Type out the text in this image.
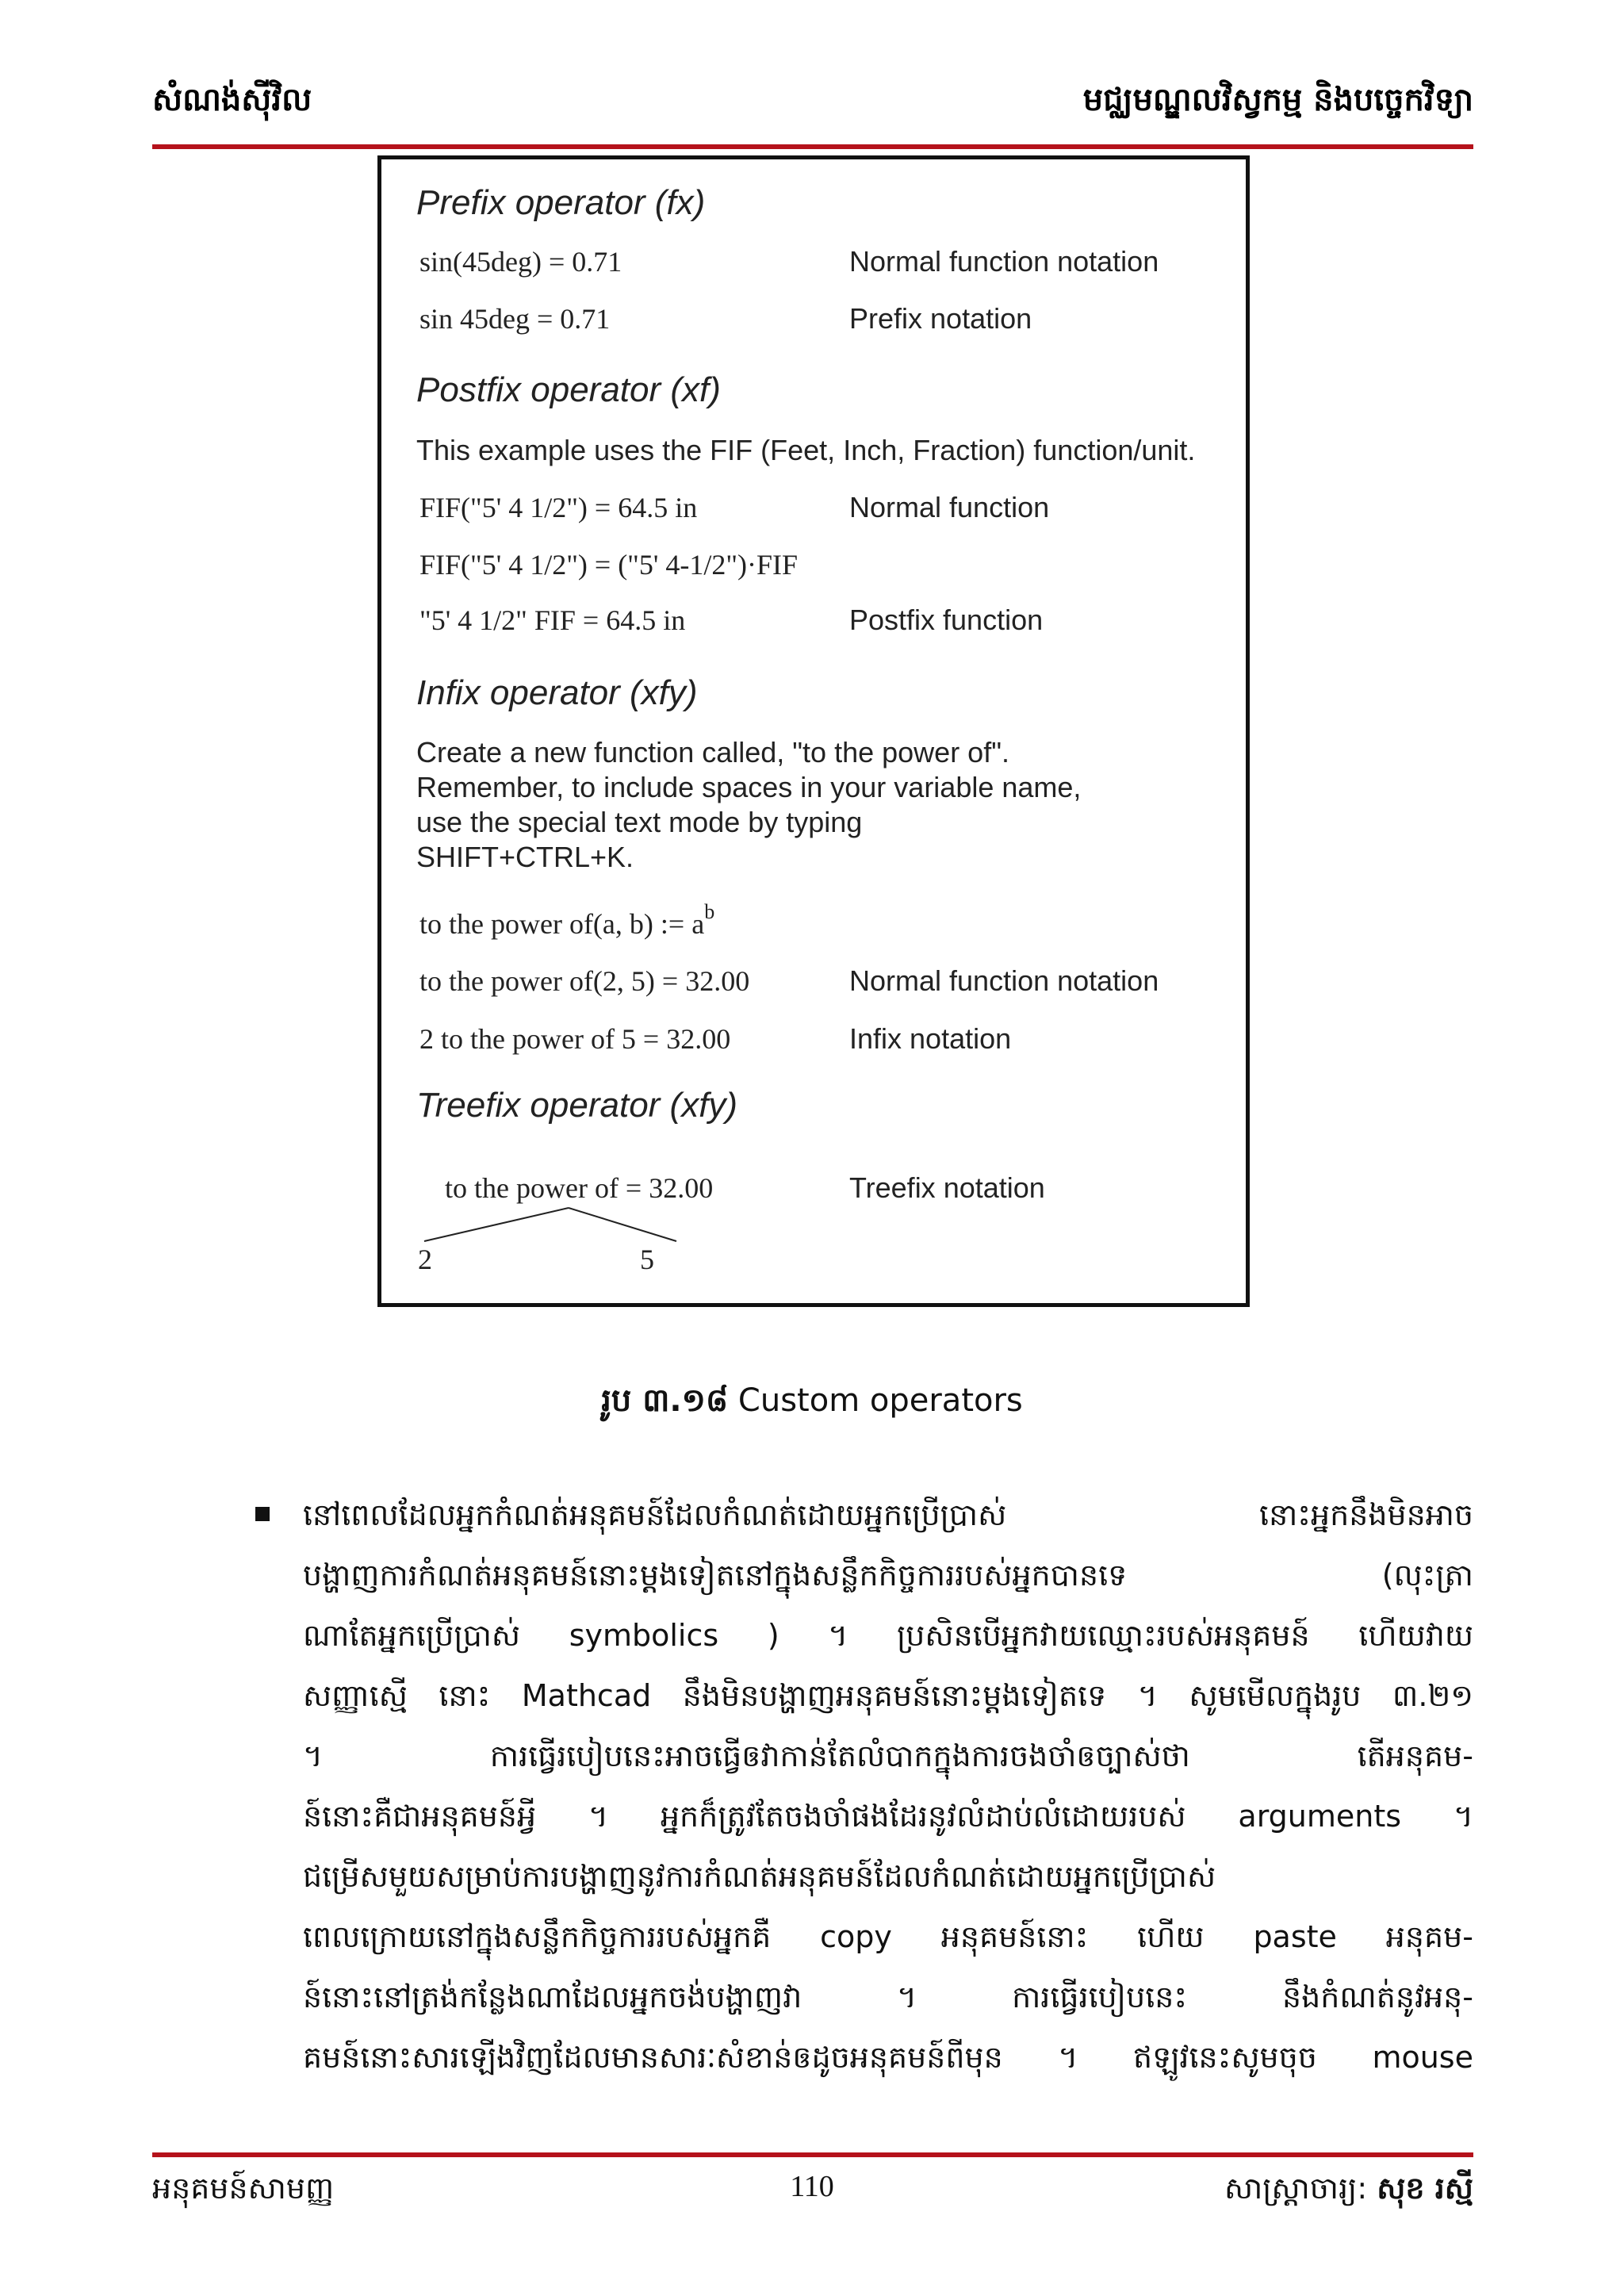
សំណង់ស៊ីវិល	មជ្ឈមណ្ឌលវិស្វកម្ម និងបច្ចេកវិទ្យា
Prefix operator (fx)
sin(45deg) = 0.71	Normal function notation
sin 45deg = 0.71	Prefix notation
Postfix operator (xf)
This example uses the FIF (Feet, Inch, Fraction) function/unit.
FIF("5' 4 1/2") = 64.5 in	Normal function
FIF("5' 4 1/2") = ("5' 4-1/2")·FIF
"5' 4 1/2" FIF = 64.5 in	Postfix function
Infix operator (xfy)
Create a new function called, "to the power of".
Remember, to include spaces in your variable name,
use the special text mode by typing
SHIFT+CTRL+K.
to the power of(a, b) := $a^b$
to the power of(2, 5) = 32.00	Normal function notation
2 to the power of 5 = 32.00	Infix notation
Treefix operator (xfy)
to the power of = 32.00	Treefix notation
2	5
រូប ៣.១៨ Custom operators
នៅពេលដែលអ្នកកំណត់អនុគមន៍ដែលកំណត់ដោយអ្នកប្រើប្រាស់ នោះអ្នកនឹងមិនអាច
បង្ហាញការកំណត់អនុគមន៍នោះម្តងទៀតនៅក្នុងសន្លឹកកិច្ចការរបស់អ្នកបានទេ (លុះត្រា
ណាតែអ្នកប្រើប្រាស់ symbolics ) ។ ប្រសិនបើអ្នកវាយឈ្មោះរបស់អនុគមន៍ ហើយវាយ
សញ្ញាស្មើ នោះ Mathcad នឹងមិនបង្ហាញអនុគមន៍នោះម្តងទៀតទេ ។ សូមមើលក្នុងរូប ៣.២១
។ ការធ្វើរបៀបនេះអាចធ្វើឲវាកាន់តែលំបាកក្នុងការចងចាំឲច្បាស់ថា តើអនុគម-
ន៍នោះគឺជាអនុគមន៍អ្វី ។ អ្នកក៏ត្រូវតែចងចាំផងដែរនូវលំដាប់លំដោយរបស់ arguments ។
ជម្រើសមួយសម្រាប់ការបង្ហាញនូវការកំណត់អនុគមន៍ដែលកំណត់ដោយអ្នកប្រើប្រាស់
ពេលក្រោយនៅក្នុងសន្លឹកកិច្ចការរបស់អ្នកគឺ copy អនុគមន៍នោះ ហើយ paste អនុគម-
ន៍នោះនៅត្រង់កន្លែងណាដែលអ្នកចង់បង្ហាញវា ។ ការធ្វើរបៀបនេះ នឹងកំណត់នូវអនុ-
គមន៍នោះសារឡើងវិញដែលមានសារៈសំខាន់ឲដូចអនុគមន៍ពីមុន ។ ឥឡូវនេះសូមចុច mouse
អនុគមន៍សាមញ្ញ	110	សាស្ត្រាចារ្យ: សុខ រស្មី
